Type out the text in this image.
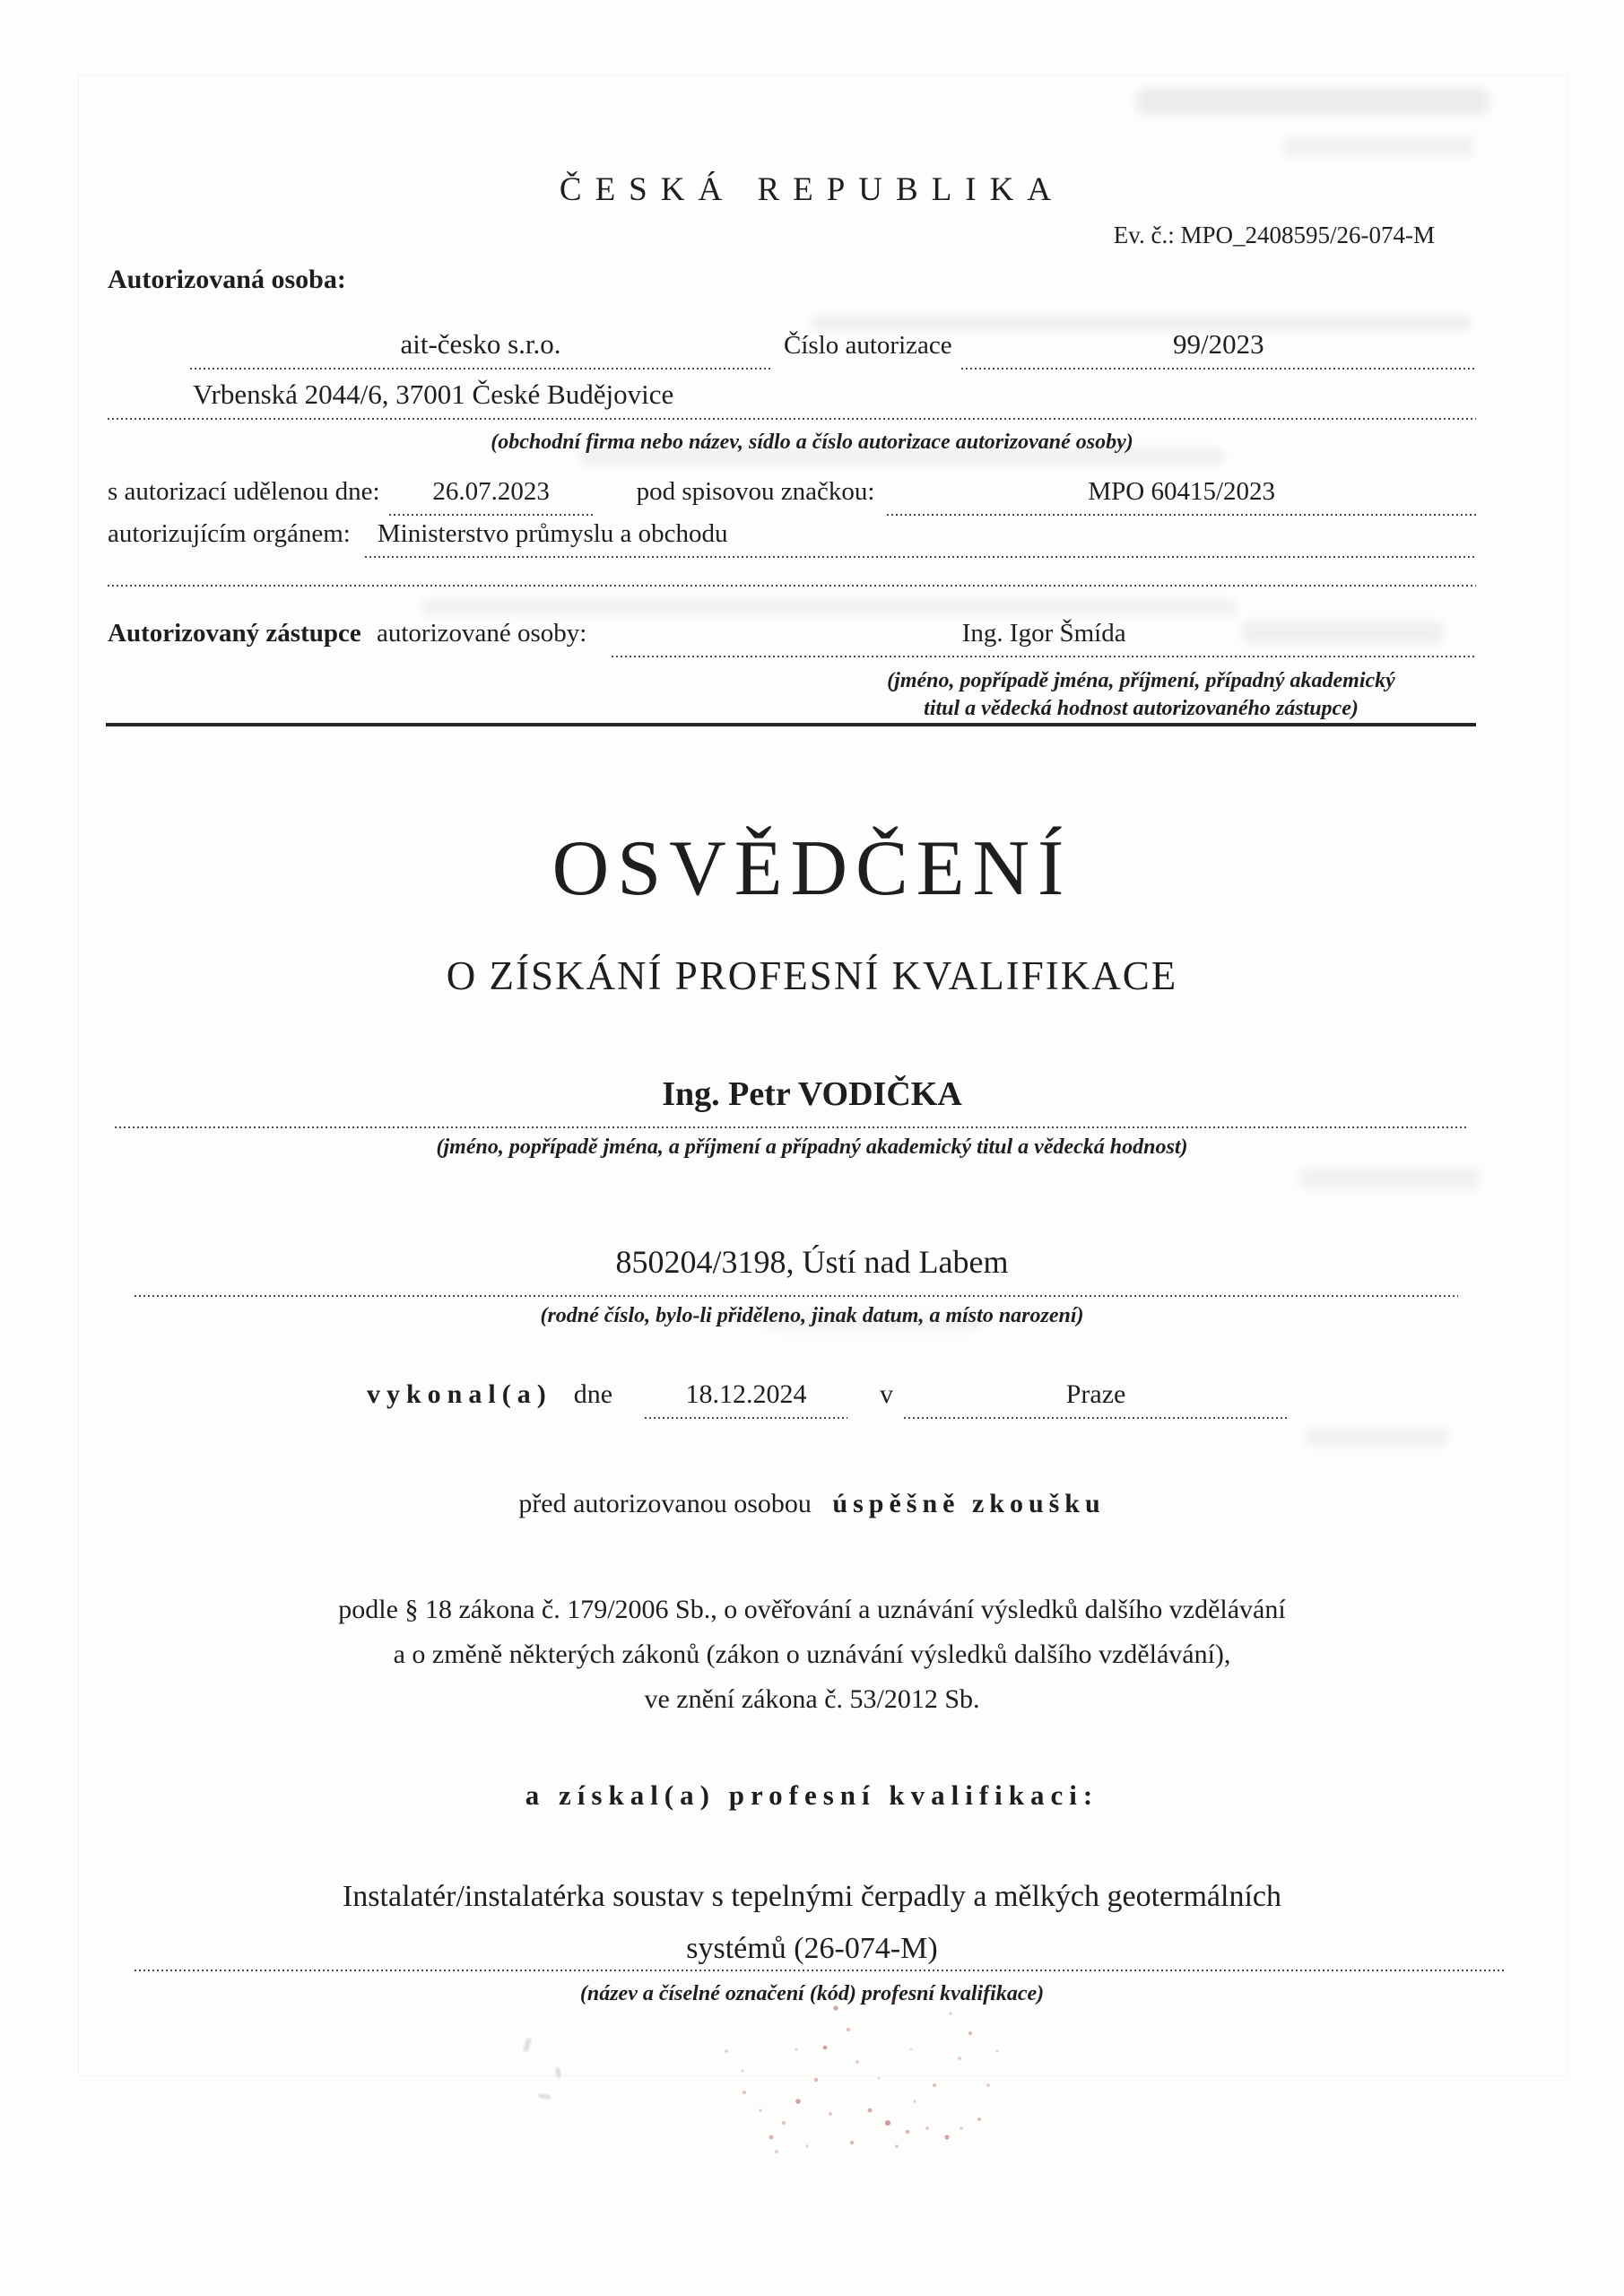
ČESKÁ REPUBLIKA
Ev. č.: MPO_2408595/26-074-M
Autorizovaná osoba:
ait-česko s.r.o.	Číslo autorizace	99/2023
Vrbenská 2044/6, 37001 České Budějovice
(obchodní firma nebo název, sídlo a číslo autorizace autorizované osoby)
s autorizací udělenou dne:	26.07.2023	pod spisovou značkou:	MPO 60415/2023
autorizujícím orgánem:	Ministerstvo průmyslu a obchodu
Autorizovaný zástupce autorizované osoby:	Ing. Igor Šmída
(jméno, popřípadě jména, příjmení, případný akademický
titul a vědecká hodnost autorizovaného zástupce)
OSVĚDČENÍ
O ZÍSKÁNÍ PROFESNÍ KVALIFIKACE
Ing. Petr VODIČKA
(jméno, popřípadě jména, a příjmení a případný akademický titul a vědecká hodnost)
850204/3198, Ústí nad Labem
(rodné číslo, bylo-li přiděleno, jinak datum, a místo narození)
vykonal(a) dne	18.12.2024	v	Praze
před autorizovanou osobou úspěšně zkoušku
podle § 18 zákona č. 179/2006 Sb., o ověřování a uznávání výsledků dalšího vzdělávání
a o změně některých zákonů (zákon o uznávání výsledků dalšího vzdělávání),
ve znění zákona č. 53/2012 Sb.
a získal(a) profesní kvalifikaci:
Instalatér/instalatérka soustav s tepelnými čerpadly a mělkých geotermálních
systémů (26-074-M)
(název a číselné označení (kód) profesní kvalifikace)
